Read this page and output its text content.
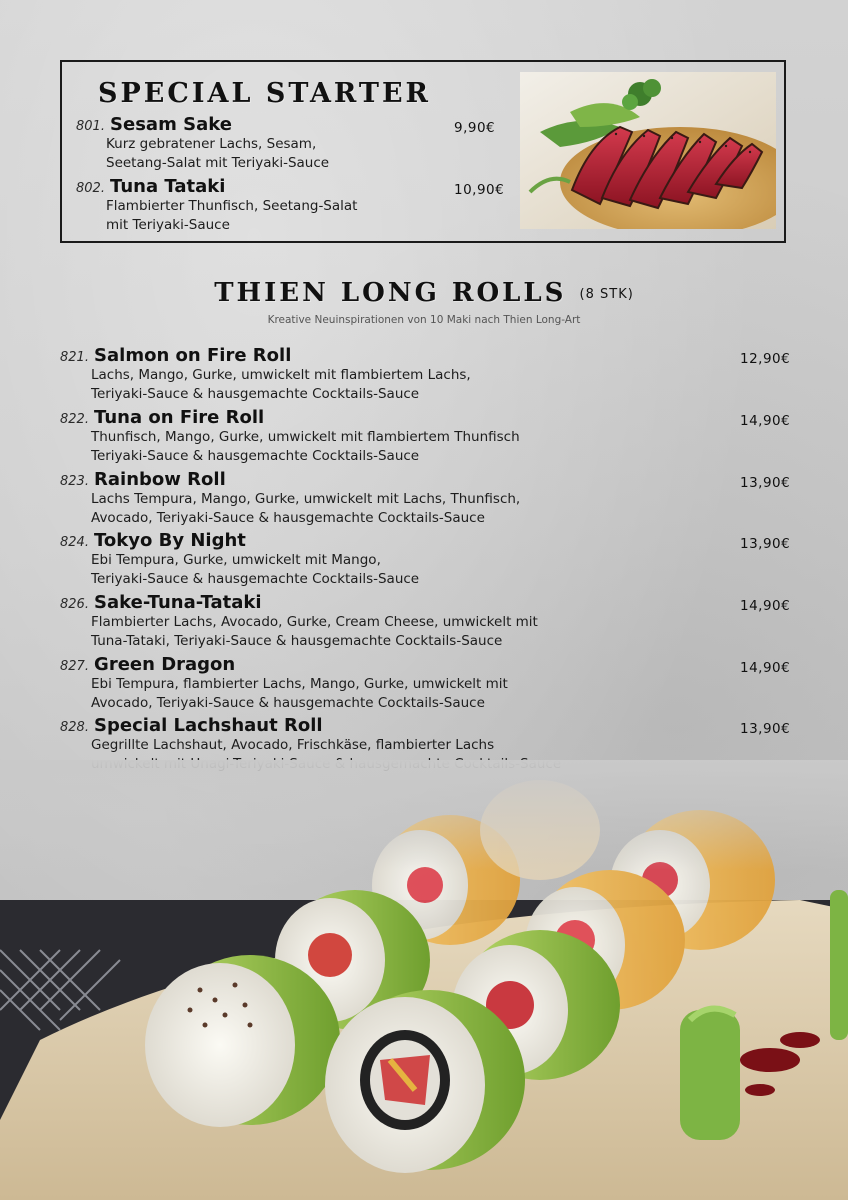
SPECIAL STARTER
801. Sesam Sake
Kurz gebratener Lachs, Sesam,
Seetang-Salat mit Teriyaki-Sauce
9,90€
802. Tuna Tataki
Flambierter Thunfisch, Seetang-Salat
mit Teriyaki-Sauce
10,90€
THIEN LONG ROLLS (8 STK)
Kreative Neuinspirationen von 10 Maki nach Thien Long-Art
821. Salmon on Fire Roll
Lachs, Mango, Gurke, umwickelt mit flambiertem Lachs,
Teriyaki-Sauce & hausgemachte Cocktails-Sauce
12,90€
822. Tuna on Fire Roll
Thunfisch, Mango, Gurke, umwickelt mit flambiertem Thunfisch
Teriyaki-Sauce & hausgemachte Cocktails-Sauce
14,90€
823. Rainbow Roll
Lachs Tempura, Mango, Gurke, umwickelt mit Lachs, Thunfisch,
Avocado, Teriyaki-Sauce & hausgemachte Cocktails-Sauce
13,90€
824. Tokyo By Night
Ebi Tempura, Gurke, umwickelt mit Mango,
Teriyaki-Sauce & hausgemachte Cocktails-Sauce
13,90€
826. Sake-Tuna-Tataki
Flambierter Lachs, Avocado, Gurke, Cream Cheese, umwickelt mit
Tuna-Tataki, Teriyaki-Sauce & hausgemachte Cocktails-Sauce
14,90€
827. Green Dragon
Ebi Tempura, flambierter Lachs, Mango, Gurke, umwickelt mit
Avocado, Teriyaki-Sauce & hausgemachte Cocktails-Sauce
14,90€
828. Special Lachshaut Roll
Gegrillte Lachshaut, Avocado, Frischkäse, flambierter Lachs
13,90€
